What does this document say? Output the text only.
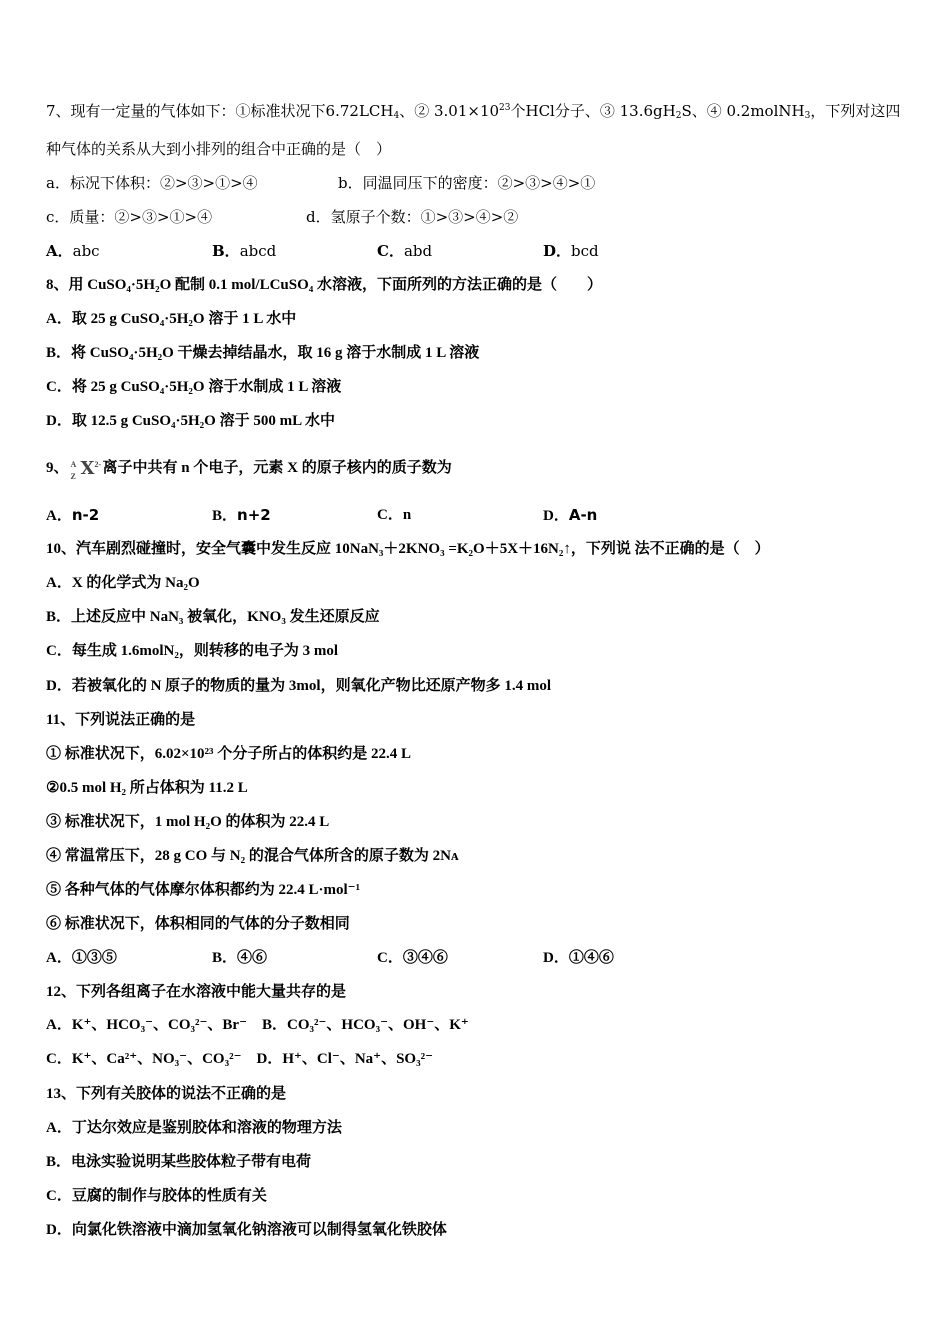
7、现有一定量的气体如下：①标准状况下$6.72LCH_4$、② $3.01\times 10^{23}$个HCl分子、③ $13.6gH_2S$、④ 0.2molNH$_3$，下列对这四
种气体的关系从大到小排列的组合中正确的是（　）
a．标况下体积：②>③>①>④	b．同温同压下的密度：②>③>④>①
c．质量：②>③>①>④	d．氢原子个数：①>③>④>②
A．abc	B．abcd	C．abd	D．bcd
8、用 CuSO₄·5H₂O 配制 0.1 mol/LCuSO₄ 水溶液，下面所列的方法正确的是（　　）
A．取 25 g CuSO₄·5H₂O 溶于 1 L 水中
B．将 CuSO₄·5H₂O 干燥去掉结晶水，取 16 g 溶于水制成 1 L 溶液
C．将 25 g CuSO₄·5H₂O 溶于水制成 1 L 溶液
D．取 12.5 g CuSO₄·5H₂O 溶于 500 mL 水中
9、 A
Z X 2- 离子中共有 n 个电子，元素 X 的原子核内的质子数为
A．n-2	B．n+2	C．n	D．A-n
10、汽车剧烈碰撞时，安全气囊中发生反应 10NaN₃＋2KNO₃ =K₂O＋5X＋16N₂↑，下列说 法不正确的是（　）
A．X 的化学式为 Na₂O
B．上述反应中 NaN₃ 被氧化，KNO₃ 发生还原反应
C．每生成 1.6molN₂，则转移的电子为 3 mol
D．若被氧化的 N 原子的物质的量为 3mol，则氧化产物比还原产物多 1.4 mol
11、下列说法正确的是
① 标准状况下，6.02×10²³ 个分子所占的体积约是 22.4 L
②0.5 mol H₂ 所占体积为 11.2 L
③ 标准状况下，1 mol H₂O 的体积为 22.4 L
④ 常温常压下，28 g CO 与 N₂ 的混合气体所含的原子数为 2Nᴀ
⑤ 各种气体的气体摩尔体积都约为 22.4 L·mol⁻¹
⑥ 标准状况下，体积相同的气体的分子数相同
A．①③⑤	B．④⑥	C．③④⑥	D．①④⑥
12、下列各组离子在水溶液中能大量共存的是
A．K⁺、HCO₃⁻、CO₃²⁻、Br⁻　B．CO₃²⁻、HCO₃⁻、OH⁻、K⁺
C．K⁺、Ca²⁺、NO₃⁻、CO₃²⁻　D．H⁺、Cl⁻、Na⁺、SO₃²⁻
13、下列有关胶体的说法不正确的是
A．丁达尔效应是鉴别胶体和溶液的物理方法
B．电泳实验说明某些胶体粒子带有电荷
C．豆腐的制作与胶体的性质有关
D．向氯化铁溶液中滴加氢氧化钠溶液可以制得氢氧化铁胶体
